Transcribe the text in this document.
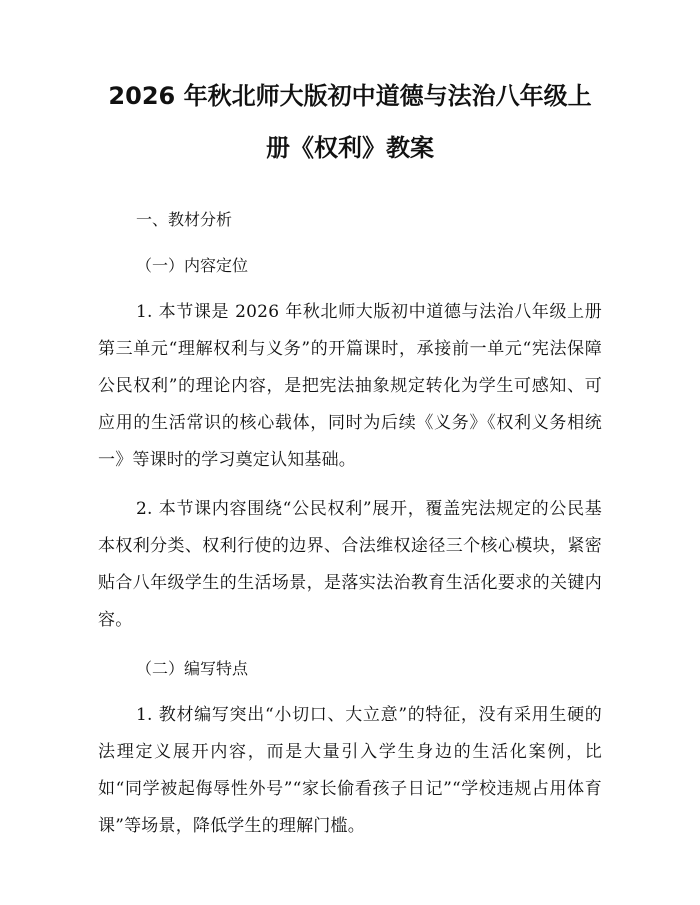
2026 年秋北师大版初中道德与法治八年级上
册《权利》教案

一、教材分析

（一）内容定位

1. 本节课是 2026 年秋北师大版初中道德与法治八年级上册第三单元“理解权利与义务”的开篇课时，承接前一单元“宪法保障公民权利”的理论内容，是把宪法抽象规定转化为学生可感知、可应用的生活常识的核心载体，同时为后续《义务》《权利义务相统一》等课时的学习奠定认知基础。

2. 本节课内容围绕“公民权利”展开，覆盖宪法规定的公民基本权利分类、权利行使的边界、合法维权途径三个核心模块，紧密贴合八年级学生的生活场景，是落实法治教育生活化要求的关键内容。

（二）编写特点

1. 教材编写突出“小切口、大立意”的特征，没有采用生硬的法理定义展开内容，而是大量引入学生身边的生活化案例，比如“同学被起侮辱性外号”“家长偷看孩子日记”“学校违规占用体育课”等场景，降低学生的理解门槛。
